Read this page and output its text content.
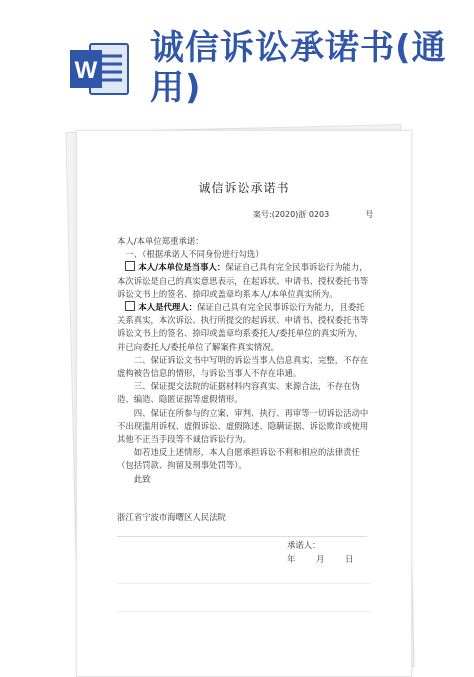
W
诚信诉讼承诺书(通用)
诚信诉讼承诺书
案号:(2020)浙 0203	号

本人/本单位郑重承诺：

一、（根据承诺人不同身份进行勾选）

本人/本单位是当事人：保证自己具有完全民事诉讼行为能力，本次诉讼是自己的真实意思表示，在起诉状、申请书、授权委托书等诉讼文书上的签名、捺印或盖章均系本人/本单位真实所为。

本人是代理人：保证自己具有完全民事诉讼行为能力，且委托关系真实，本次诉讼、执行所提交的起诉状、申请书、授权委托书等诉讼文书上的签名、捺印或盖章均系委托人/委托单位的真实所为，并已向委托人/委托单位了解案件真实情况。

二、保证诉讼文书中写明的诉讼当事人信息真实、完整，不存在虚构被告信息的情形，与诉讼当事人不存在串通。

三、保证提交法院的证据材料内容真实、来源合法，不存在伪造、编造、隐匿证据等虚假情形。

四、保证在所参与的立案、审判、执行、再审等一切诉讼活动中不出现滥用诉权、虚假诉讼、虚假陈述、隐瞒证据、诉讼欺诈或使用其他不正当手段等不诚信诉讼行为。

如若违反上述情形，本人自愿承担诉讼不利和相应的法律责任（包括罚款、拘留及刑事处罚等）。

此致

浙江省宁波市海曙区人民法院
承诺人：
年 月 日
